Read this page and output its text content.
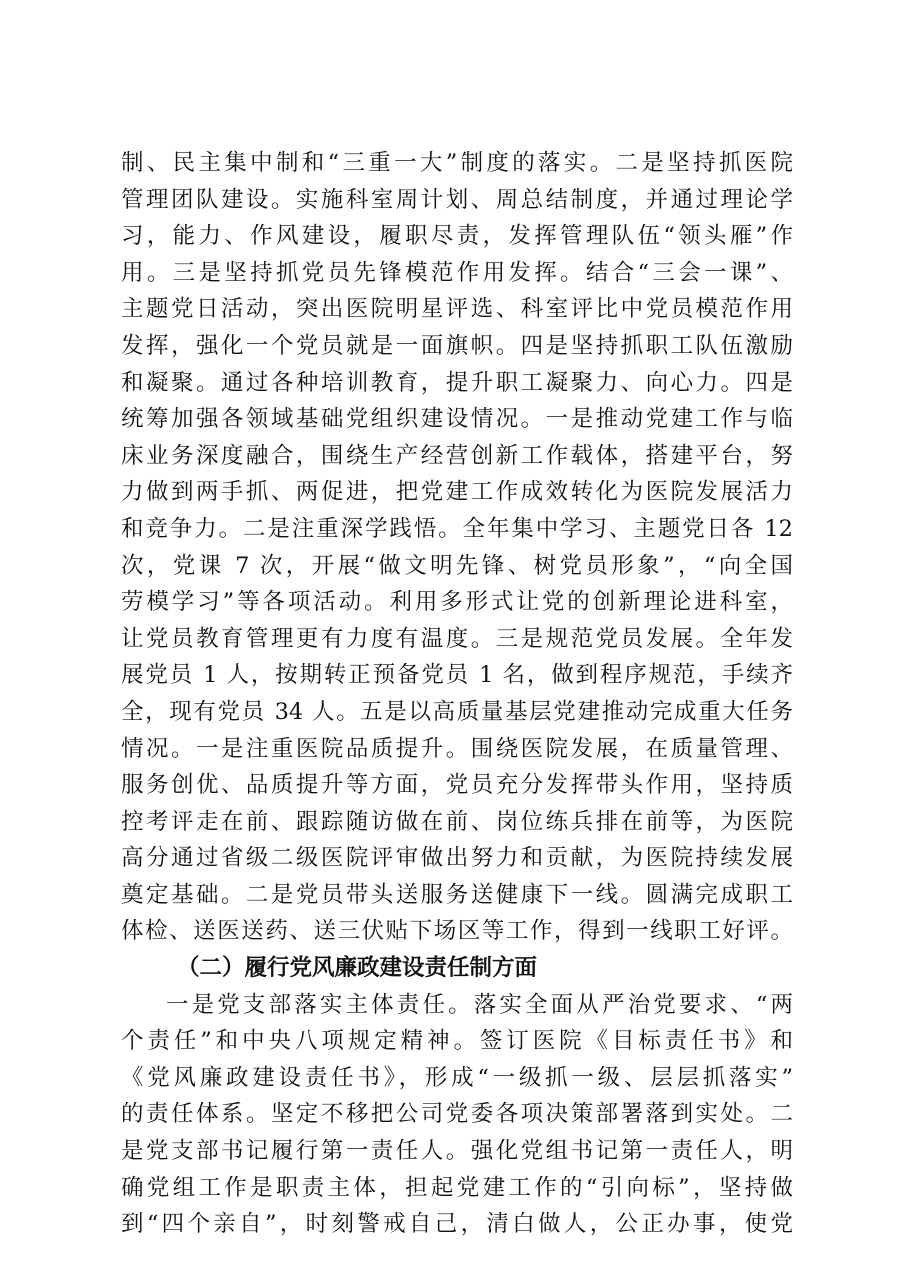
制、民主集中制和“三重一大”制度的落实。二是坚持抓医院
管理团队建设。实施科室周计划、周总结制度，并通过理论学
习，能力、作风建设，履职尽责，发挥管理队伍“领头雁”作
用。三是坚持抓党员先锋模范作用发挥。结合“三会一课”、
主题党日活动，突出医院明星评选、科室评比中党员模范作用
发挥，强化一个党员就是一面旗帜。四是坚持抓职工队伍激励
和凝聚。通过各种培训教育，提升职工凝聚力、向心力。四是
统筹加强各领域基础党组织建设情况。一是推动党建工作与临
床业务深度融合，围绕生产经营创新工作载体，搭建平台，努
力做到两手抓、两促进，把党建工作成效转化为医院发展活力
和竞争力。二是注重深学践悟。全年集中学习、主题党日各 12
次，党课 7 次，开展“做文明先锋、树党员形象”，“向全国
劳模学习”等各项活动。利用多形式让党的创新理论进科室，
让党员教育管理更有力度有温度。三是规范党员发展。全年发
展党员 1 人，按期转正预备党员 1 名，做到程序规范，手续齐
全，现有党员 34 人。五是以高质量基层党建推动完成重大任务
情况。一是注重医院品质提升。围绕医院发展，在质量管理、
服务创优、品质提升等方面，党员充分发挥带头作用，坚持质
控考评走在前、跟踪随访做在前、岗位练兵排在前等，为医院
高分通过省级二级医院评审做出努力和贡献，为医院持续发展
奠定基础。二是党员带头送服务送健康下一线。圆满完成职工
体检、送医送药、送三伏贴下场区等工作，得到一线职工好评。
（二）履行党风廉政建设责任制方面
一是党支部落实主体责任。落实全面从严治党要求、“两
个责任”和中央八项规定精神。签订医院《目标责任书》和
《党风廉政建设责任书》，形成“一级抓一级、层层抓落实”
的责任体系。坚定不移把公司党委各项决策部署落到实处。二
是党支部书记履行第一责任人。强化党组书记第一责任人，明
确党组工作是职责主体，担起党建工作的“引向标”，坚持做
到“四个亲自”，时刻警戒自己，清白做人，公正办事，使党
